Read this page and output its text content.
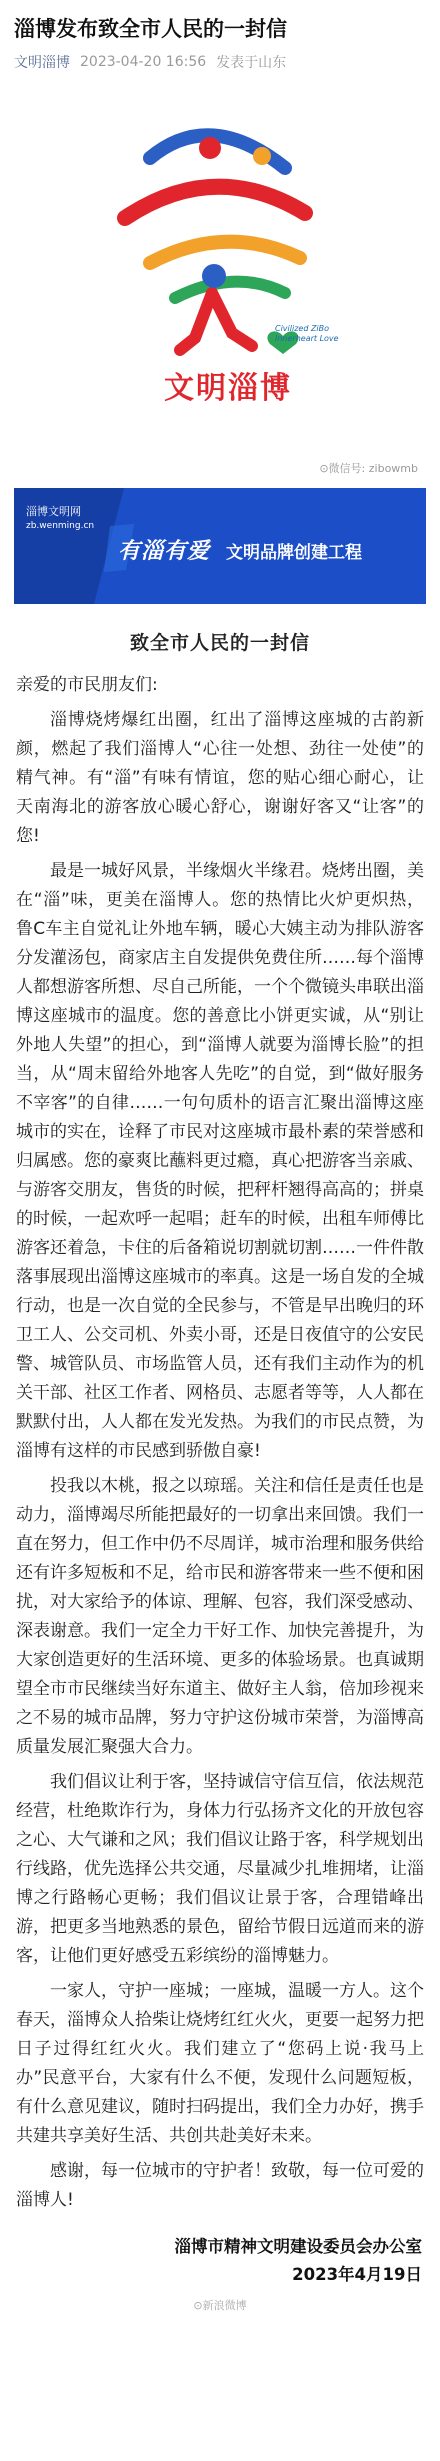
淄博发布致全市人民的一封信
文明淄博 2023-04-20 16:56 发表于山东
Civilized ZiBo
Innerheart Love
文明淄博
⊙微信号: zibowmb
淄博文明网
zb.wenming.cn
有淄有爱 文明品牌创建工程
致全市人民的一封信

亲爱的市民朋友们:

淄博烧烤爆红出圈，红出了淄博这座城的古韵新颜，燃起了我们淄博人“心往一处想、劲往一处使”的精气神。有“淄”有味有情谊，您的贴心细心耐心，让天南海北的游客放心暖心舒心，谢谢好客又“让客”的您!

最是一城好风景，半缘烟火半缘君。烧烤出圈，美在“淄”味，更美在淄博人。您的热情比火炉更炽热，鲁C车主自觉礼让外地车辆，暖心大姨主动为排队游客分发灌汤包，商家店主自发提供免费住所……每个淄博人都想游客所想、尽自己所能，一个个微镜头串联出淄博这座城市的温度。您的善意比小饼更实诚，从“别让外地人失望”的担心，到“淄博人就要为淄博长脸”的担当，从“周末留给外地客人先吃”的自觉，到“做好服务不宰客”的自律……一句句质朴的语言汇聚出淄博这座城市的实在，诠释了市民对这座城市最朴素的荣誉感和归属感。您的豪爽比蘸料更过瘾，真心把游客当亲戚、与游客交朋友，售货的时候，把秤杆翘得高高的；拼桌的时候，一起欢呼一起唱；赶车的时候，出租车师傅比游客还着急，卡住的后备箱说切割就切割……一件件散落事展现出淄博这座城市的率真。这是一场自发的全城行动，也是一次自觉的全民参与，不管是早出晚归的环卫工人、公交司机、外卖小哥，还是日夜值守的公安民警、城管队员、市场监管人员，还有我们主动作为的机关干部、社区工作者、网格员、志愿者等等，人人都在默默付出，人人都在发光发热。为我们的市民点赞，为淄博有这样的市民感到骄傲自豪!

投我以木桃，报之以琼瑶。关注和信任是责任也是动力，淄博竭尽所能把最好的一切拿出来回馈。我们一直在努力，但工作中仍不尽周详，城市治理和服务供给还有许多短板和不足，给市民和游客带来一些不便和困扰，对大家给予的体谅、理解、包容，我们深受感动、深表谢意。我们一定全力干好工作、加快完善提升，为大家创造更好的生活环境、更多的体验场景。也真诚期望全市市民继续当好东道主、做好主人翁，倍加珍视来之不易的城市品牌，努力守护这份城市荣誉，为淄博高质量发展汇聚强大合力。

我们倡议让利于客，坚持诚信守信互信，依法规范经营，杜绝欺诈行为，身体力行弘扬齐文化的开放包容之心、大气谦和之风；我们倡议让路于客，科学规划出行线路，优先选择公共交通，尽量减少扎堆拥堵，让淄博之行路畅心更畅；我们倡议让景于客，合理错峰出游，把更多当地熟悉的景色，留给节假日远道而来的游客，让他们更好感受五彩缤纷的淄博魅力。

一家人，守护一座城；一座城，温暖一方人。这个春天，淄博众人拾柴让烧烤红红火火，更要一起努力把日子过得红红火火。我们建立了“您码上说·我马上办”民意平台，大家有什么不便，发现什么问题短板，有什么意见建议，随时扫码提出，我们全力办好，携手共建共享美好生活、共创共赴美好未来。

感谢，每一位城市的守护者！致敬，每一位可爱的淄博人!

淄博市精神文明建设委员会办公室
2023年4月19日
⊙新浪微博
